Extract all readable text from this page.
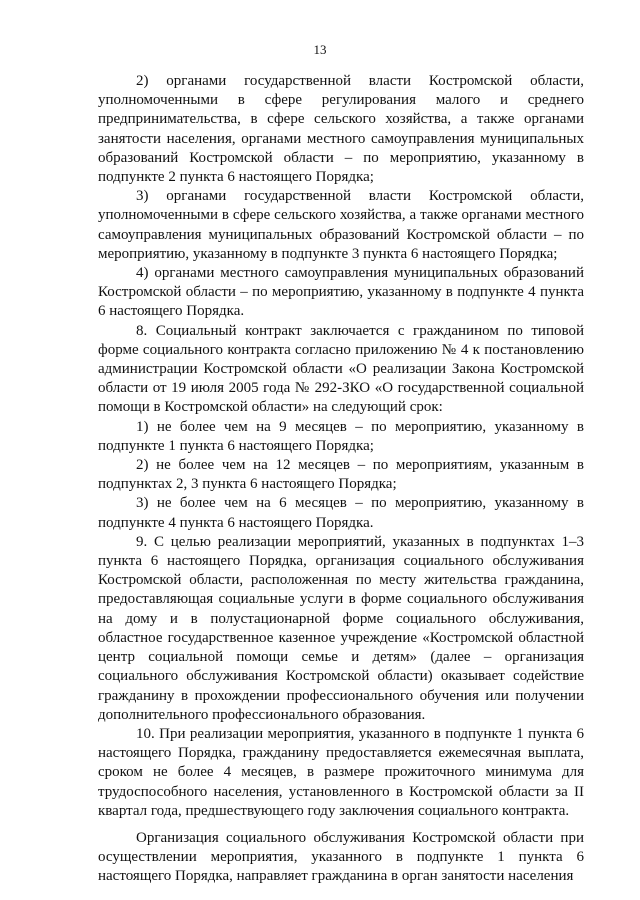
13

2) органами государственной власти Костромской области, уполномоченными в сфере регулирования малого и среднего предпринимательства, в сфере сельского хозяйства, а также органами занятости населения, органами местного самоуправления муниципальных образований Костромской области – по мероприятию, указанному в подпункте 2 пункта 6 настоящего Порядка;

3) органами государственной власти Костромской области, уполномоченными в сфере сельского хозяйства, а также органами местного самоуправления муниципальных образований Костромской области – по мероприятию, указанному в подпункте 3 пункта 6 настоящего Порядка;

4) органами местного самоуправления муниципальных образований Костромской области – по мероприятию, указанному в подпункте 4 пункта 6 настоящего Порядка.

8. Социальный контракт заключается с гражданином по типовой форме социального контракта согласно приложению № 4 к постановлению администрации Костромской области «О реализации Закона Костромской области от 19 июля 2005 года № 292-ЗКО «О государственной социальной помощи в Костромской области» на следующий срок:

1) не более чем на 9 месяцев – по мероприятию, указанному в подпункте 1 пункта 6 настоящего Порядка;

2) не более чем на 12 месяцев – по мероприятиям, указанным в подпунктах 2, 3 пункта 6 настоящего Порядка;

3) не более чем на 6 месяцев – по мероприятию, указанному в подпункте 4 пункта 6 настоящего Порядка.

9. С целью реализации мероприятий, указанных в подпунктах 1–3 пункта 6 настоящего Порядка, организация социального обслуживания Костромской области, расположенная по месту жительства гражданина, предоставляющая социальные услуги в форме социального обслуживания на дому и в полустационарной форме социального обслуживания, областное государственное казенное учреждение «Костромской областной центр социальной помощи семье и детям» (далее – организация социального обслуживания Костромской области) оказывает содействие гражданину в прохождении профессионального обучения или получении дополнительного профессионального образования.

10. При реализации мероприятия, указанного в подпункте 1 пункта 6 настоящего Порядка, гражданину предоставляется ежемесячная выплата, сроком не более 4 месяцев, в размере прожиточного минимума для трудоспособного населения, установленного в Костромской области за II квартал года, предшествующего году заключения социального контракта.

Организация социального обслуживания Костромской области при осуществлении мероприятия, указанного в подпункте 1 пункта 6 настоящего Порядка, направляет гражданина в орган занятости населения
